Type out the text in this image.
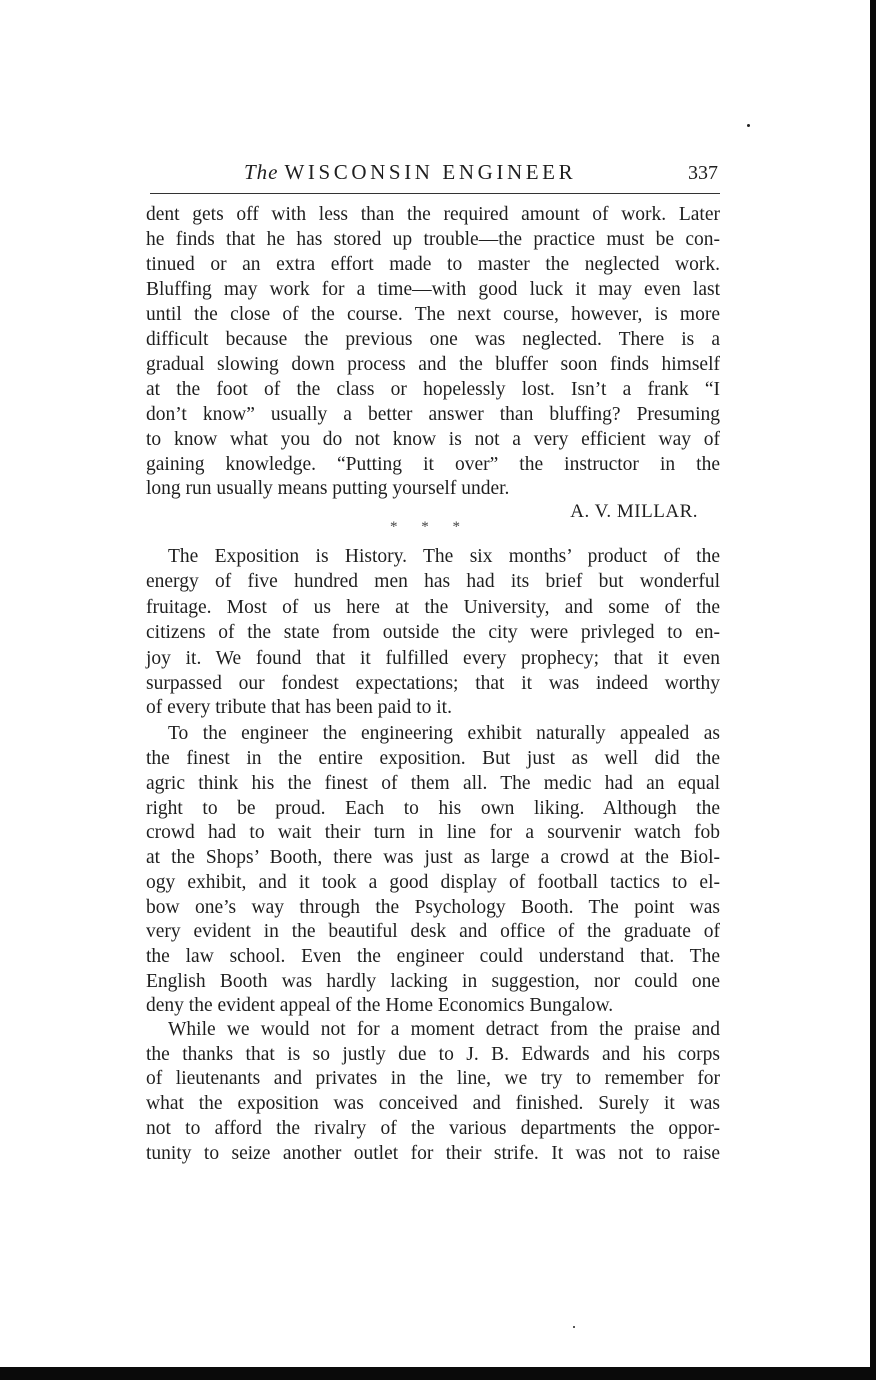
The WISCONSIN ENGINEER	337
dent gets off with less than the required amount of work. Later
he finds that he has stored up trouble—the practice must be con-
tinued or an extra effort made to master the neglected work.
Bluffing may work for a time—with good luck it may even last
until the close of the course. The next course, however, is more
difficult because the previous one was neglected. There is a
gradual slowing down process and the bluffer soon finds himself
at the foot of the class or hopelessly lost. Isn’t a frank “I
don’t know” usually a better answer than bluffing? Presuming
to know what you do not know is not a very efficient way of
gaining knowledge. “Putting it over” the instructor in the
long run usually means putting yourself under.
A. V. MILLAR.
* * *
The Exposition is History. The six months’ product of the
energy of five hundred men has had its brief but wonderful
fruitage. Most of us here at the University, and some of the
citizens of the state from outside the city were privleged to en-
joy it. We found that it fulfilled every prophecy; that it even
surpassed our fondest expectations; that it was indeed worthy
of every tribute that has been paid to it.
To the engineer the engineering exhibit naturally appealed as
the finest in the entire exposition. But just as well did the
agric think his the finest of them all. The medic had an equal
right to be proud. Each to his own liking. Although the
crowd had to wait their turn in line for a sourvenir watch fob
at the Shops’ Booth, there was just as large a crowd at the Biol-
ogy exhibit, and it took a good display of football tactics to el-
bow one’s way through the Psychology Booth. The point was
very evident in the beautiful desk and office of the graduate of
the law school. Even the engineer could understand that. The
English Booth was hardly lacking in suggestion, nor could one
deny the evident appeal of the Home Economics Bungalow.
While we would not for a moment detract from the praise and
the thanks that is so justly due to J. B. Edwards and his corps
of lieutenants and privates in the line, we try to remember for
what the exposition was conceived and finished. Surely it was
not to afford the rivalry of the various departments the oppor-
tunity to seize another outlet for their strife. It was not to raise
